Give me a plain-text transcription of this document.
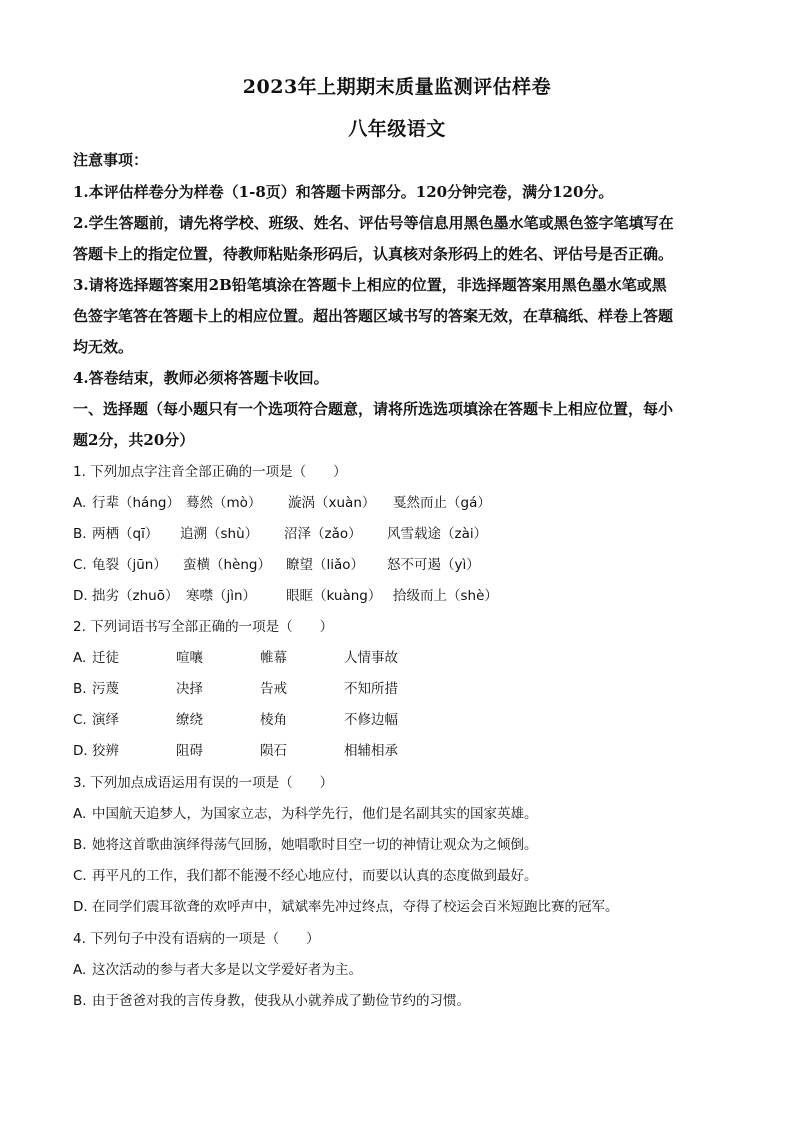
2023年上期期末质量监测评估样卷
八年级语文
注意事项：
1.本评估样卷分为样卷（1-8页）和答题卡两部分。120分钟完卷，满分120分。
2.学生答题前，请先将学校、班级、姓名、评估号等信息用黑色墨水笔或黑色签字笔填写在
答题卡上的指定位置，待教师粘贴条形码后，认真核对条形码上的姓名、评估号是否正确。
3.请将选择题答案用2B铅笔填涂在答题卡上相应的位置，非选择题答案用黑色墨水笔或黑
色签字笔答在答题卡上的相应位置。超出答题区域书写的答案无效，在草稿纸、样卷上答题
均无效。
4.答卷结束，教师必须将答题卡收回。
一、选择题（每小题只有一个选项符合题意，请将所选选项填涂在答题卡上相应位置，每小
题2分，共20分）
1. 下列加点字注音全部正确的一项是（　　）
A. 行辈（háng） 蓦然（mò） 漩涡（xuàn） 戛然而止（gá）
B. 两栖（qī） 追溯（shù） 沼泽（zǎo） 风雪载途（zài）
C. 龟裂（jūn） 蛮横（hèng） 瞭望（liǎo） 怒不可遏（yì）
D. 拙劣（zhuō） 寒噤（jìn） 眼眶（kuàng） 拾级而上（shè）
2. 下列词语书写全部正确的一项是（　　）
A. 迁徒	喧嚷	帷幕	人情事故
B. 污蔑	决择	告戒	不知所措
C. 演绎	缭绕	棱角	不修边幅
D. 狡辨	阻碍	陨石	相辅相承
3. 下列加点成语运用有误的一项是（　　）
A. 中国航天追梦人，为国家立志，为科学先行，他们是名副其实的国家英雄。
B. 她将这首歌曲演绎得荡气回肠，她唱歌时目空一切的神情让观众为之倾倒。
C. 再平凡的工作，我们都不能漫不经心地应付，而要以认真的态度做到最好。
D. 在同学们震耳欲聋的欢呼声中，斌斌率先冲过终点，夺得了校运会百米短跑比赛的冠军。
4. 下列句子中没有语病的一项是（　　）
A. 这次活动的参与者大多是以文学爱好者为主。
B. 由于爸爸对我的言传身教，使我从小就养成了勤俭节约的习惯。
